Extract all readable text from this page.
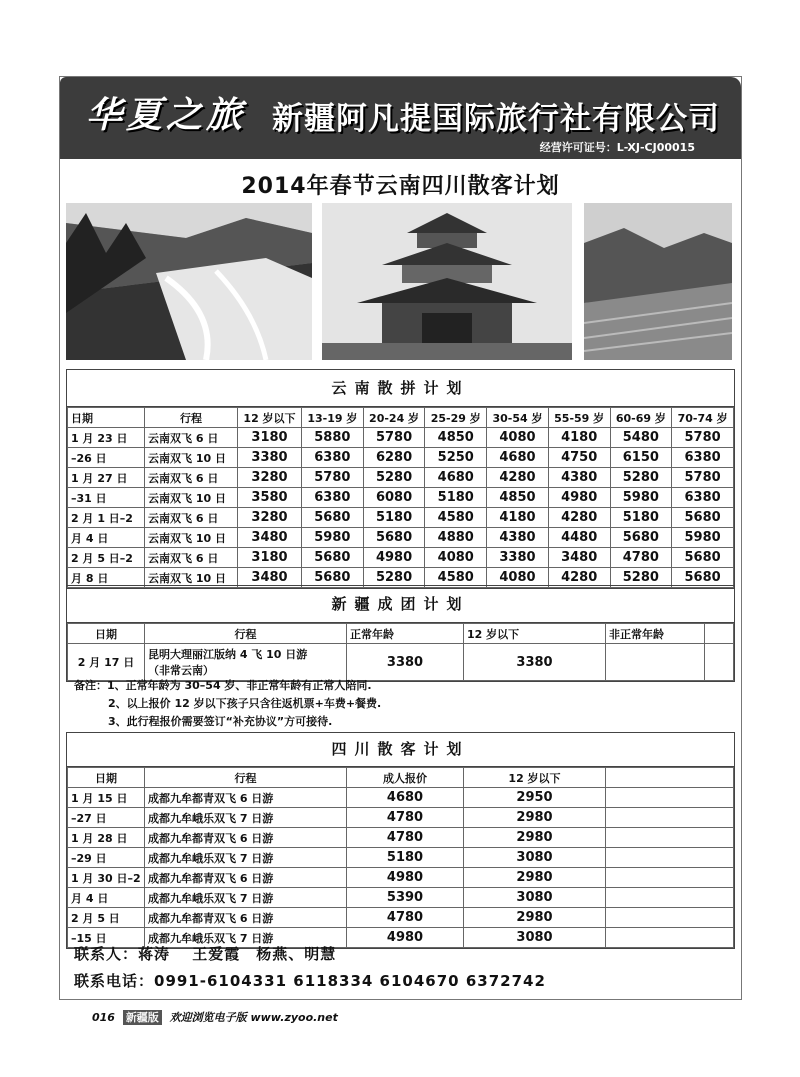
华夏之旅 新疆阿凡提国际旅行社有限公司
经营许可证号：L-XJ-CJ00015
2014年春节云南四川散客计划
云南散拼计划
日期	行程	12 岁以下	13-19 岁	20-24 岁	25-29 岁	30-54 岁	55-59 岁	60-69 岁	70-74 岁
1 月 23 日	云南双飞 6 日	3180	5880	5780	4850	4080	4180	5480	5780
–26 日	云南双飞 10 日	3380	6380	6280	5250	4680	4750	6150	6380
1 月 27 日	云南双飞 6 日	3280	5780	5280	4680	4280	4380	5280	5780
–31 日	云南双飞 10 日	3580	6380	6080	5180	4850	4980	5980	6380
2 月 1 日–2	云南双飞 6 日	3280	5680	5180	4580	4180	4280	5180	5680
月 4 日	云南双飞 10 日	3480	5980	5680	4880	4380	4480	5680	5980
2 月 5 日–2	云南双飞 6 日	3180	5680	4980	4080	3380	3480	4780	5680
月 8 日	云南双飞 10 日	3480	5680	5280	4580	4080	4280	5280	5680
新疆成团计划
日期	行程	正常年龄	12 岁以下	非正常年龄	
2 月 17 日	昆明大理丽江版纳 4 飞 10 日游
（非常云南）	3380	3380		
备注：1、正常年龄为 30–54 岁、非正常年龄有正常人陪同.
2、以上报价 12 岁以下孩子只含往返机票+车费+餐费.
3、此行程报价需要签订“补充协议”方可接待.
四川散客计划
日期	行程	成人报价	12 岁以下	
1 月 15 日	成都九牟都青双飞 6 日游	4680	2950	
–27 日	成都九牟峨乐双飞 7 日游	4780	2980	
1 月 28 日	成都九牟都青双飞 6 日游	4780	2980	
–29 日	成都九牟峨乐双飞 7 日游	5180	3080	
1 月 30 日–2	成都九牟都青双飞 6 日游	4980	2980	
月 4 日	成都九牟峨乐双飞 7 日游	5390	3080	
2 月 5 日	成都九牟都青双飞 6 日游	4780	2980	
–15 日	成都九牟峨乐双飞 7 日游	4980	3080	
联系人：蒋涛　 王爱霞　杨燕、明慧
联系电话：0991-6104331 6118334 6104670 6372742
016 新疆版 欢迎浏览电子版 www.zyoo.net
